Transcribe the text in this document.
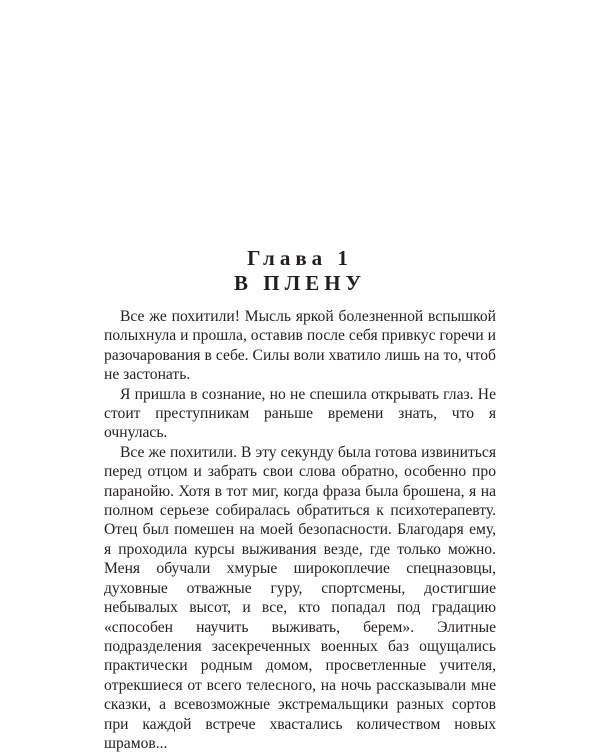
Глава 1

В ПЛЕНУ

Все же похитили! Мысль яркой болезненной вспышкой полыхнула и прошла, оставив после себя привкус горечи и разочарования в себе. Силы воли хватило лишь на то, чтоб не застонать.

Я пришла в сознание, но не спешила открывать глаз. Не стоит преступникам раньше времени знать, что я очнулась.

Все же похитили. В эту секунду была готова извиниться перед отцом и забрать свои слова обратно, особенно про паранойю. Хотя в тот миг, когда фраза была брошена, я на полном серьезе собиралась обратиться к психотерапевту. Отец был помешен на моей безопасности. Благодаря ему, я проходила курсы выживания везде, где только можно. Меня обучали хмурые широкоплечие спецназовцы, духовные отважные гуру, спортсмены, достигшие небывалых высот, и все, кто попадал под градацию «способен научить выживать, берем». Элитные подразделения засекреченных военных баз ощущались практически родным домом, просветленные учителя, отрекшиеся от всего телесного, на ночь рассказывали мне сказки, а всевозможные экстремальщики разных сортов при каждой встрече хвастались количеством новых шрамов...
